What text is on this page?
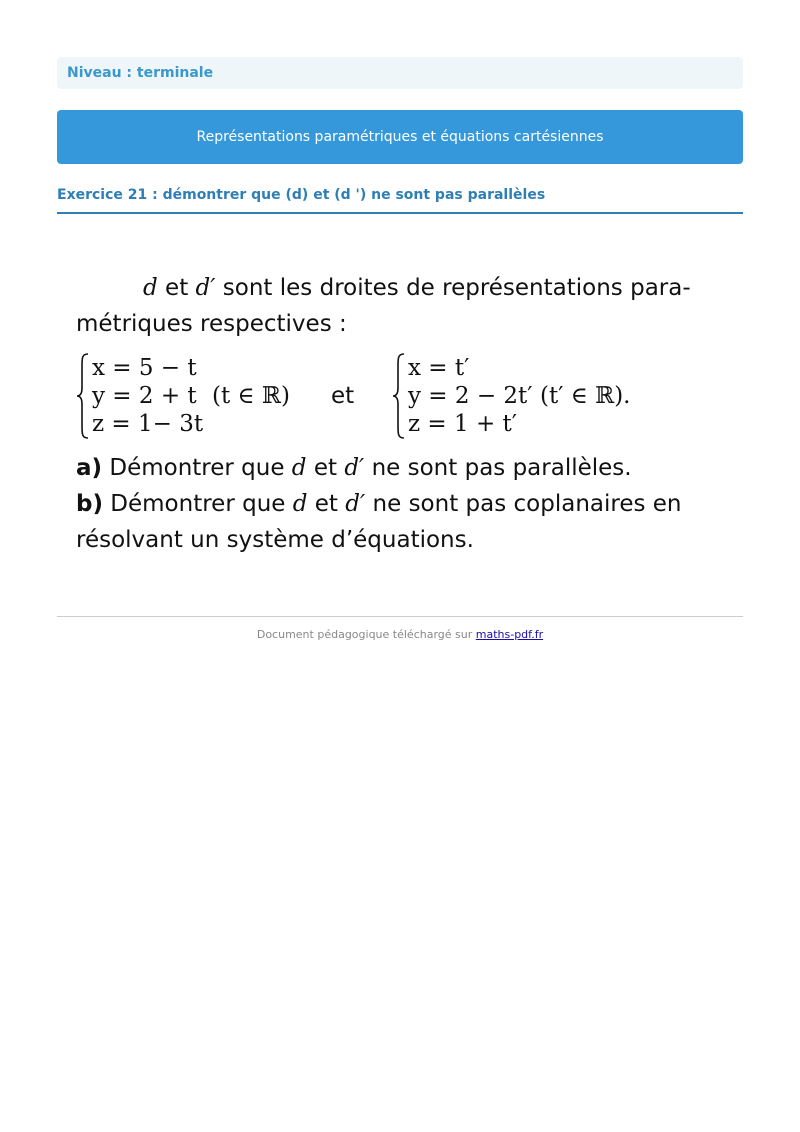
Niveau : terminale
Représentations paramétriques et équations cartésiennes
Exercice 21 : démontrer que (d) et (d ') ne sont pas parallèles
d et d′ sont les droites de représentations para-
métriques respectives :
x = 5 − t
y = 2 + t
z = 1− 3t
(t ∈ ℝ) et
x = t′
y = 2 − 2t′
z = 1 + t′
(t′ ∈ ℝ).
a) Démontrer que d et d′ ne sont pas parallèles.
b) Démontrer que d et d′ ne sont pas coplanaires en
résolvant un système d’équations.
Document pédagogique téléchargé sur maths-pdf.fr
